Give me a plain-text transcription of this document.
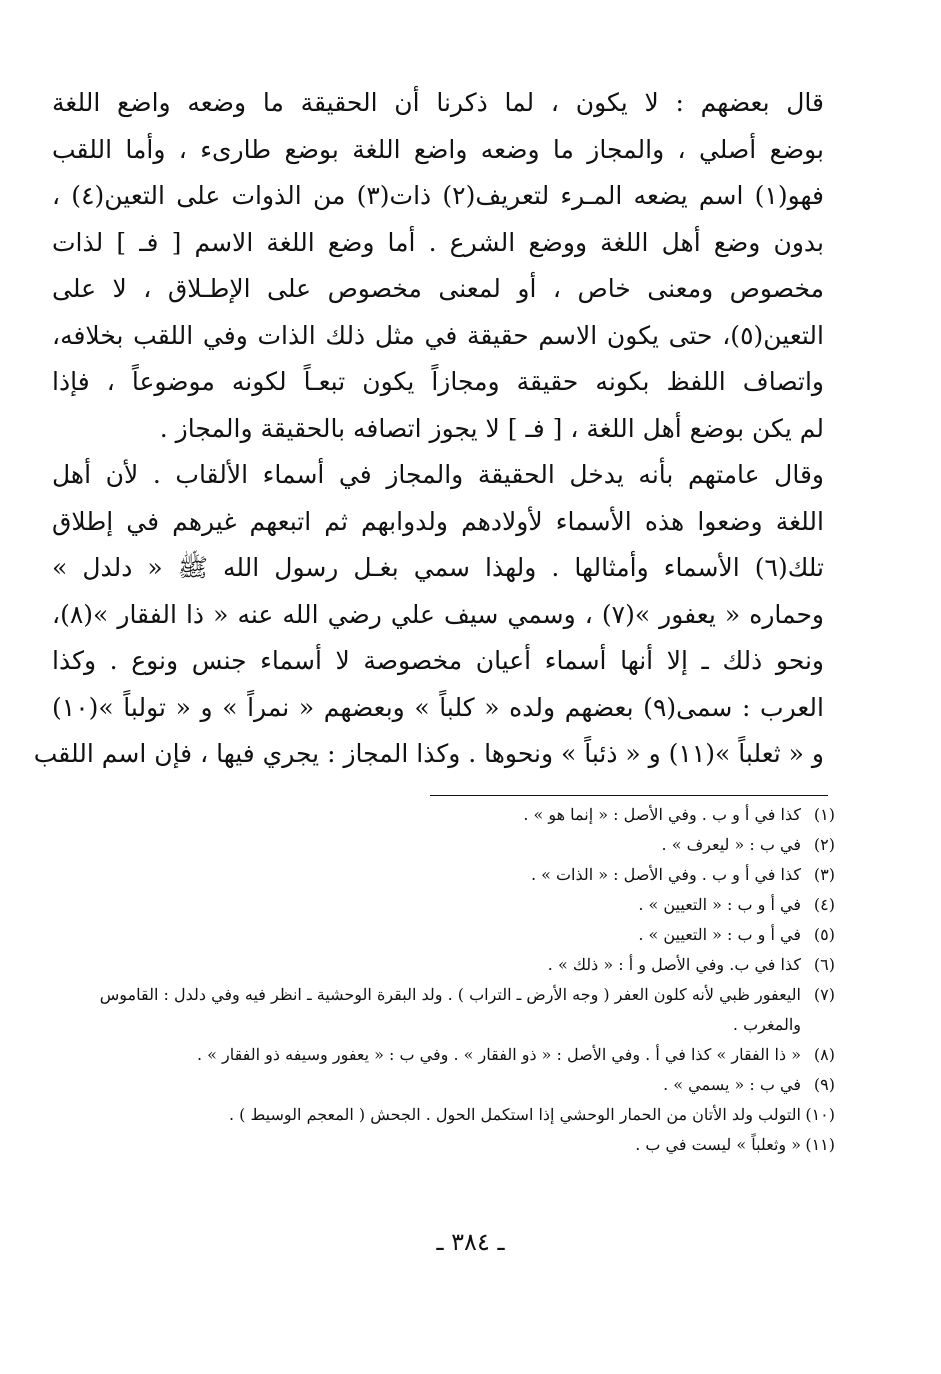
قال بعضهم : لا يكون ، لما ذكرنا أن الحقيقة ما وضعه واضع اللغة
بوضع أصلي ، والمجاز ما وضعه واضع اللغة بوضع طارىء ، وأما اللقب
فهو(١) اسم يضعه المـرء لتعريف(٢) ذات(٣) من الذوات على التعين(٤) ،
بدون وضع أهل اللغة ووضع الشرع . أما وضع اللغة الاسم [ فـ ] لذات
مخصوص ومعنى خاص ، أو لمعنى مخصوص على الإطـلاق ، لا على
التعين(٥)، حتى يكون الاسم حقيقة في مثل ذلك الذات وفي اللقب بخلافه،
واتصاف اللفظ بكونه حقيقة ومجازاً يكون تبعـاً لكونه موضوعاً ، فإذا
لم يكن بوضع أهل اللغة ، [ فـ ] لا يجوز اتصافه بالحقيقة والمجاز .
وقال عامتهم بأنه يدخل الحقيقة والمجاز في أسماء الألقاب . لأن أهل
اللغة وضعوا هذه الأسماء لأولادهم ولدوابهم ثم اتبعهم غيرهم في إطلاق
تلك(٦) الأسماء وأمثالها . ولهذا سمي بغـل رسول الله ﷺ « دلدل »
وحماره « يعفور »(٧) ، وسمي سيف علي رضي الله عنه « ذا الفقار »(٨)،
ونحو ذلك ـ إلا أنها أسماء أعيان مخصوصة لا أسماء جنس ونوع . وكذا
العرب : سمى(٩) بعضهم ولده « كلباً » وبعضهم « نمراً » و « تولباً »(١٠)
و « ثعلباً »(١١) و « ذئباً » ونحوها . وكذا المجاز : يجري فيها ، فإن اسم اللقب
(١)
كذا في أ و ب . وفي الأصل : « إنما هو » .
(٢)
في ب : « ليعرف » .
(٣)
كذا في أ و ب . وفي الأصل : « الذات » .
(٤)
في أ و ب : « التعيين » .
(٥)
في أ و ب : « التعيين » .
(٦)
كذا في ب. وفي الأصل و أ : « ذلك » .
(٧)
اليعفور ظبي لأنه كلون العفر ( وجه الأرض ـ التراب ) . ولد البقرة الوحشية ـ انظر فيه وفي دلدل : القاموس والمغرب .
(٨)
« ذا الفقار » كذا في أ . وفي الأصل : « ذو الفقار » . وفي ب : « يعفور وسيفه ذو الفقار » .
(٩)
في ب : « يسمي » .
(١٠)
التولب ولد الأتان من الحمار الوحشي إذا استكمل الحول . الجحش ( المعجم الوسيط ) .
(١١)
« وثعلباً » ليست في ب .
ـ ٣٨٤ ـ
